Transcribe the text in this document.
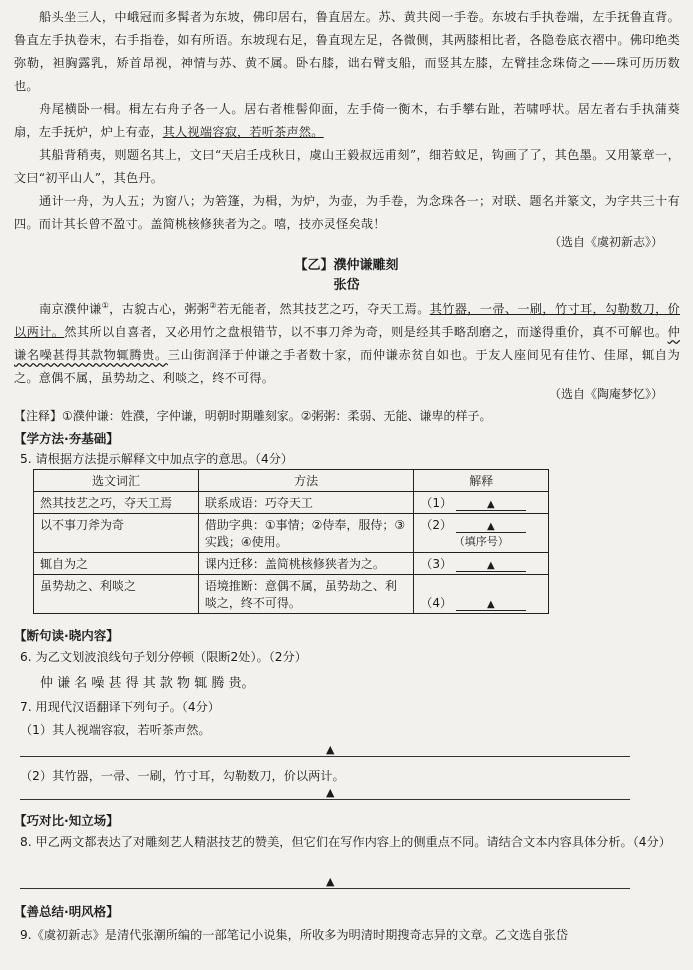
船头坐三人，中峨冠而多髯者为东坡，佛印居右，鲁直居左。苏、黄共阅一手卷。东坡右手执卷端，左手抚鲁直背。鲁直左手执卷末，右手指卷，如有所语。东坡现右足，鲁直现左足，各微侧，其两膝相比者，各隐卷底衣褶中。佛印绝类弥勒，袒胸露乳，矫首昂视，神情与苏、黄不属。卧右膝，诎右臂支船，而竖其左膝，左臂挂念珠倚之——珠可历历数也。
舟尾横卧一楫。楫左右舟子各一人。居右者椎髻仰面，左手倚一衡木，右手攀右趾，若啸呼状。居左者右手执蒲葵扇，左手抚炉，炉上有壶，其人视端容寂，若听茶声然。
其船背稍夷，则题名其上，文曰“天启壬戌秋日，虞山王毅叔远甫刻”，细若蚊足，钩画了了，其色墨。又用篆章一，文曰“初平山人”，其色丹。
通计一舟，为人五；为窗八；为箬篷，为楫，为炉，为壶，为手卷，为念珠各一；对联、题名并篆文，为字共三十有四。而计其长曾不盈寸。盖简桃核修狭者为之。嘻，技亦灵怪矣哉！
（选自《虞初新志》）
【乙】濮仲谦雕刻
张岱
南京濮仲谦①，古貌古心，粥粥②若无能者，然其技艺之巧，夺天工焉。其竹器，一帚、一刷，竹寸耳，勾勒数刀，价以两计。然其所以自喜者，又必用竹之盘根错节，以不事刀斧为奇，则是经其手略刮磨之，而遂得重价，真不可解也。仲谦名噪甚得其款物辄腾贵。三山街润泽于仲谦之手者数十家，而仲谦赤贫自如也。于友人座间见有佳竹、佳犀，辄自为之。意偶不属，虽势劫之、利啖之，终不可得。
（选自《陶庵梦忆》）
【注释】①濮仲谦：姓濮，字仲谦，明朝时期雕刻家。②粥粥：柔弱、无能、谦卑的样子。
【学方法·夯基础】
5. 请根据方法提示解释文中加点字的意思。（4分）
选文词汇	方法	解释
然其技艺之巧，夺天工焉	联系成语：巧夺天工	（1） ▲
以不事刀斧为奇	借助字典：①事情；②侍奉，服侍；③实践；④使用。	（2） ▲
（填序号）

辄自为之	课内迁移：盖简桃核修狭者为之。	（3） ▲
虽势劫之、利啖之	语境推断：意偶不属，虽势劫之、利啖之，终不可得。	（4） ▲
【断句读·晓内容】
6. 为乙文划波浪线句子划分停顿（限断2处）。（2分）
仲 谦 名 噪 甚 得 其 款 物 辄 腾 贵。
7. 用现代汉语翻译下列句子。（4分）
（1）其人视端容寂，若听茶声然。
▲
（2）其竹器，一帚、一刷，竹寸耳，勾勒数刀，价以两计。
▲
【巧对比·知立场】
8. 甲乙两文都表达了对雕刻艺人精湛技艺的赞美，但它们在写作内容上的侧重点不同。请结合文本内容具体分析。（4分）
▲
【善总结·明风格】
9.《虞初新志》是清代张潮所编的一部笔记小说集，所收多为明清时期搜奇志异的文章。乙文选自张岱
